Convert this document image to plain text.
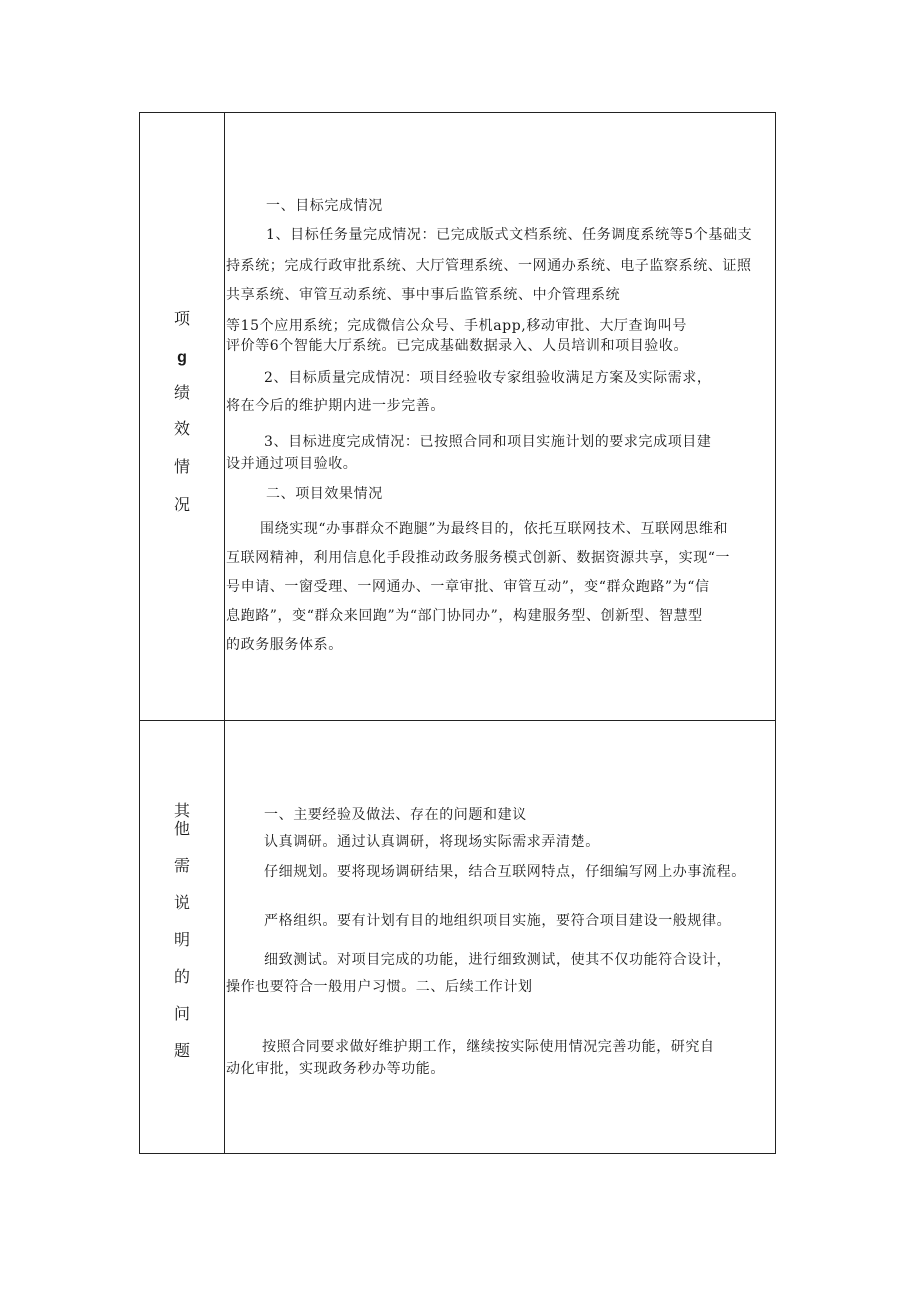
项
g
绩
效
情
况
一、目标完成情况
1、目标任务量完成情况：已完成版式文档系统、任务调度系统等5个基础支
持系统；完成行政审批系统、大厅管理系统、一网通办系统、电子监察系统、证照
共享系统、审管互动系统、事中事后监管系统、中介管理系统
等15个应用系统；完成微信公众号、手机app,移动审批、大厅查询叫号
评价等6个智能大厅系统。已完成基础数据录入、人员培训和项目验收。
2、目标质量完成情况：项目经验收专家组验收满足方案及实际需求，
将在今后的维护期内进一步完善。
3、目标进度完成情况：已按照合同和项目实施计划的要求完成项目建
设并通过项目验收。
二、项目效果情况
围绕实现“办事群众不跑腿”为最终目的，依托互联网技术、互联网思维和
互联网精神，利用信息化手段推动政务服务模式创新、数据资源共享，实现“一
号申请、一窗受理、一网通办、一章审批、审管互动”，变“群众跑路”为“信
息跑路”，变“群众来回跑”为“部门协同办”，构建服务型、创新型、智慧型
的政务服务体系。
其
他
需
说
明
的
问
题
一、主要经验及做法、存在的问题和建议
认真调研。通过认真调研，将现场实际需求弄清楚。
仔细规划。要将现场调研结果，结合互联网特点，仔细编写网上办事流程。
严格组织。要有计划有目的地组织项目实施，要符合项目建设一般规律。
细致测试。对项目完成的功能，进行细致测试，使其不仅功能符合设计，
操作也要符合一般用户习惯。二、后续工作计划
按照合同要求做好维护期工作，继续按实际使用情况完善功能，研究自
动化审批，实现政务秒办等功能。
